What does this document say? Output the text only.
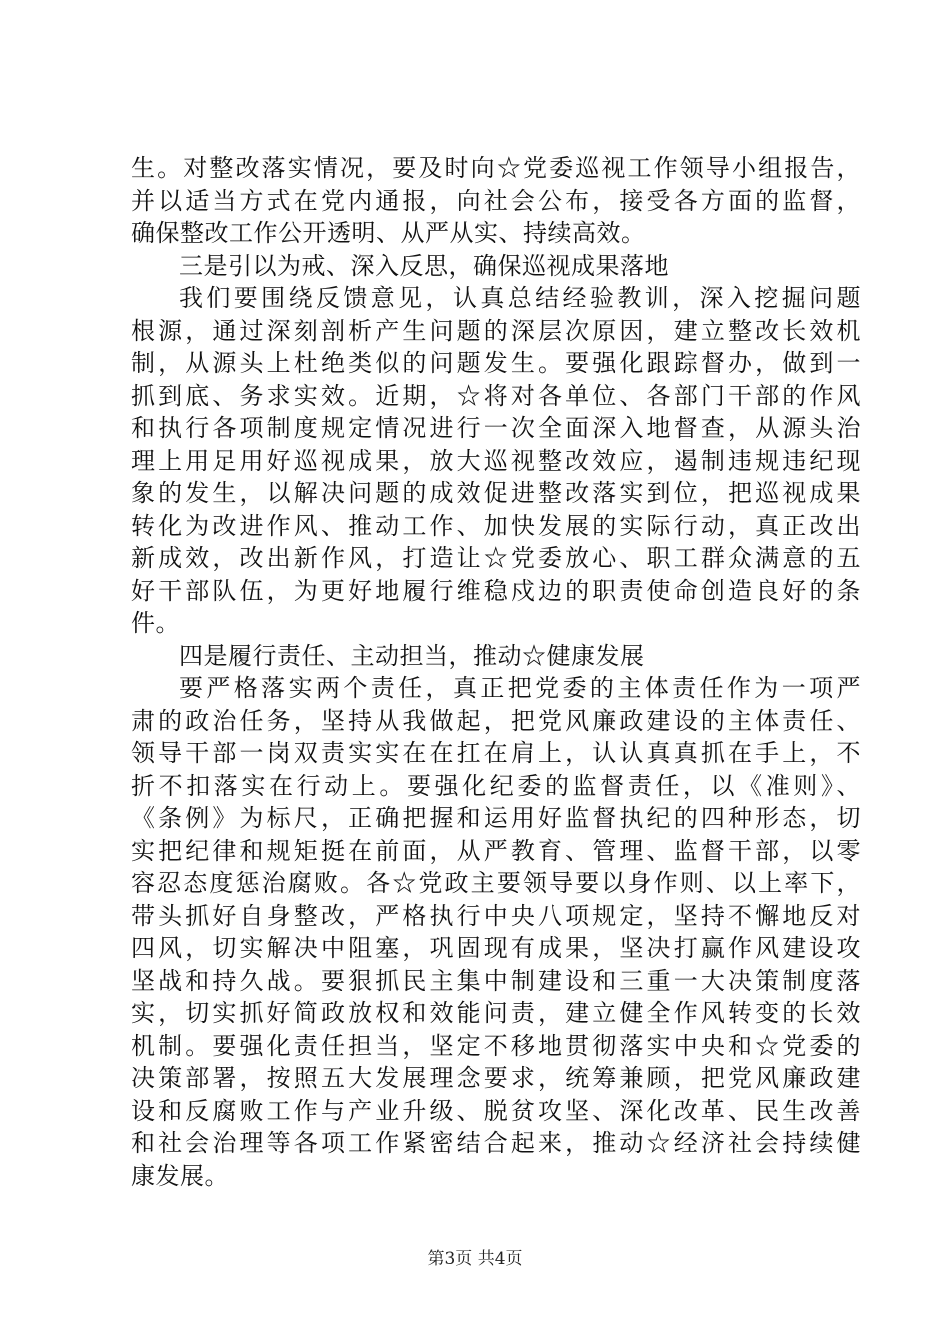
生。对整改落实情况，要及时向☆党委巡视工作领导小组报告，
并以适当方式在党内通报，向社会公布，接受各方面的监督，
确保整改工作公开透明、从严从实、持续高效。
三是引以为戒、深入反思，确保巡视成果落地
我们要围绕反馈意见，认真总结经验教训，深入挖掘问题
根源，通过深刻剖析产生问题的深层次原因，建立整改长效机
制，从源头上杜绝类似的问题发生。要强化跟踪督办，做到一
抓到底、务求实效。近期，☆将对各单位、各部门干部的作风
和执行各项制度规定情况进行一次全面深入地督查，从源头治
理上用足用好巡视成果，放大巡视整改效应，遏制违规违纪现
象的发生，以解决问题的成效促进整改落实到位，把巡视成果
转化为改进作风、推动工作、加快发展的实际行动，真正改出
新成效，改出新作风，打造让☆党委放心、职工群众满意的五
好干部队伍，为更好地履行维稳戍边的职责使命创造良好的条
件。
四是履行责任、主动担当，推动☆健康发展
要严格落实两个责任，真正把党委的主体责任作为一项严
肃的政治任务，坚持从我做起，把党风廉政建设的主体责任、
领导干部一岗双责实实在在扛在肩上，认认真真抓在手上，不
折不扣落实在行动上。要强化纪委的监督责任，以《准则》、
《条例》为标尺，正确把握和运用好监督执纪的四种形态，切
实把纪律和规矩挺在前面，从严教育、管理、监督干部，以零
容忍态度惩治腐败。各☆党政主要领导要以身作则、以上率下，
带头抓好自身整改，严格执行中央八项规定，坚持不懈地反对
四风，切实解决中阻塞，巩固现有成果，坚决打赢作风建设攻
坚战和持久战。要狠抓民主集中制建设和三重一大决策制度落
实，切实抓好简政放权和效能问责，建立健全作风转变的长效
机制。要强化责任担当，坚定不移地贯彻落实中央和☆党委的
决策部署，按照五大发展理念要求，统筹兼顾，把党风廉政建
设和反腐败工作与产业升级、脱贫攻坚、深化改革、民生改善
和社会治理等各项工作紧密结合起来，推动☆经济社会持续健
康发展。
第3页 共4页
